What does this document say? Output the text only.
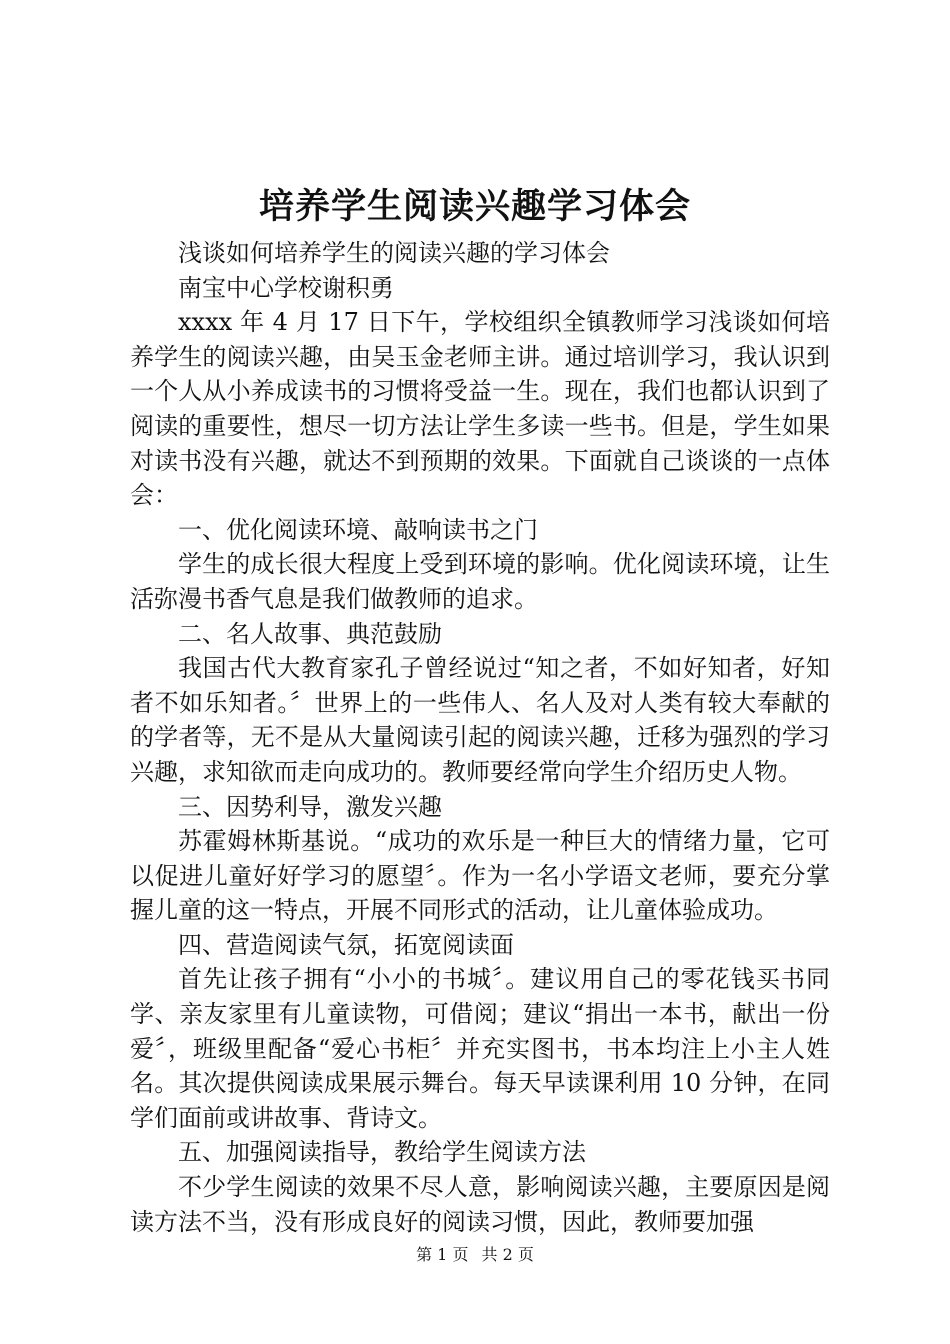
培养学生阅读兴趣学习体会

浅谈如何培养学生的阅读兴趣的学习体会

南宝中心学校谢积勇

xxxx 年 4 月 17 日下午，学校组织全镇教师学习浅谈如何培养学生的阅读兴趣，由吴玉金老师主讲。通过培训学习，我认识到一个人从小养成读书的习惯将受益一生。现在，我们也都认识到了阅读的重要性，想尽一切方法让学生多读一些书。但是，学生如果对读书没有兴趣，就达不到预期的效果。下面就自己谈谈的一点体会：

一、优化阅读环境、敲响读书之门

学生的成长很大程度上受到环境的影响。优化阅读环境，让生活弥漫书香气息是我们做教师的追求。

二、名人故事、典范鼓励

我国古代大教育家孔子曾经说过“知之者，不如好知者，好知者不如乐知者。〞世界上的一些伟人、名人及对人类有较大奉献的的学者等，无不是从大量阅读引起的阅读兴趣，迁移为强烈的学习兴趣，求知欲而走向成功的。教师要经常向学生介绍历史人物。

三、因势利导，激发兴趣

苏霍姆林斯基说。“成功的欢乐是一种巨大的情绪力量，它可以促进儿童好好学习的愿望〞。作为一名小学语文老师，要充分掌握儿童的这一特点，开展不同形式的活动，让儿童体验成功。

四、营造阅读气氛，拓宽阅读面

首先让孩子拥有“小小的书城〞。建议用自己的零花钱买书同学、亲友家里有儿童读物，可借阅；建议“捐出一本书，献出一份爱〞，班级里配备“爱心书柜〞并充实图书，书本均注上小主人姓名。其次提供阅读成果展示舞台。每天早读课利用 10 分钟，在同学们面前或讲故事、背诗文。

五、加强阅读指导，教给学生阅读方法

不少学生阅读的效果不尽人意，影响阅读兴趣，主要原因是阅读方法不当，没有形成良好的阅读习惯，因此，教师要加强

第 1 页 共 2 页
